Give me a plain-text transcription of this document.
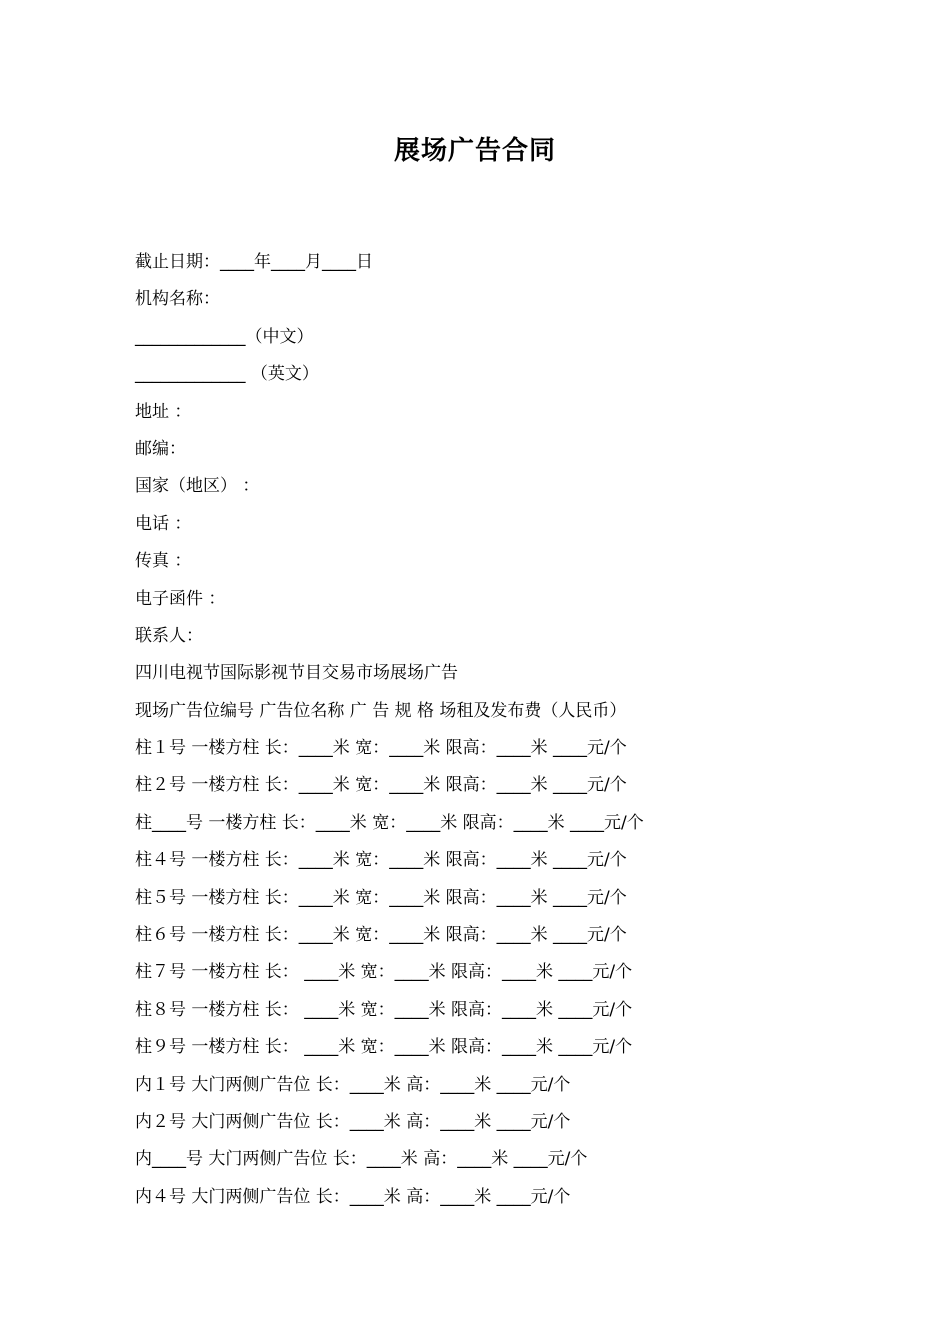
展场广告合同
截止日期：____年____月____日
机构名称：
_____________（中文）
_____________ （英文）
地址 ：
邮编：
国家（地区） ：
电话 ：
传真 ：
电子函件 ：
联系人：
四川电视节国际影视节目交易市场展场广告
现场广告位编号 广告位名称 广 告 规 格 场租及发布费（人民币）
柱１号 一楼方柱 长：____米 宽：____米 限高：____米 ____元/个
柱２号 一楼方柱 长：____米 宽：____米 限高：____米 ____元/个
柱____号 一楼方柱 长：____米 宽：____米 限高：____米 ____元/个
柱４号 一楼方柱 长：____米 宽：____米 限高：____米 ____元/个
柱５号 一楼方柱 长：____米 宽：____米 限高：____米 ____元/个
柱６号 一楼方柱 长：____米 宽：____米 限高：____米 ____元/个
柱７号 一楼方柱 长： ____米 宽：____米 限高：____米 ____元/个
柱８号 一楼方柱 长： ____米 宽：____米 限高：____米 ____元/个
柱９号 一楼方柱 长： ____米 宽：____米 限高：____米 ____元/个
内１号 大门两侧广告位 长：____米 高：____米 ____元/个
内２号 大门两侧广告位 长：____米 高：____米 ____元/个
内____号 大门两侧广告位 长：____米 高：____米 ____元/个
内４号 大门两侧广告位 长：____米 高：____米 ____元/个
